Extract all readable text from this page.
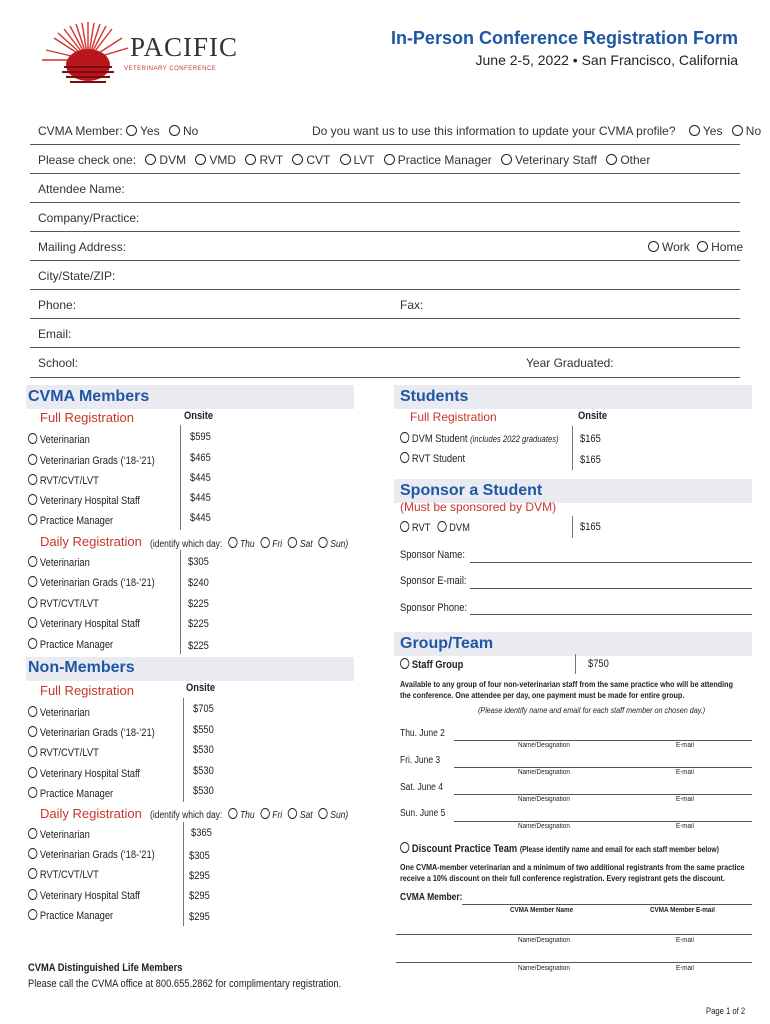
PACIFIC
VETERINARY CONFERENCE
In-Person Conference Registration Form
June 2-5, 2022 • San Francisco, California
CVMA Member: Yes No	Do you want us to use this information to update your CVMA profile? Yes No
Please check one: DVM VMD RVT CVT LVT Practice Manager Veterinary Staff Other
Attendee Name:
Company/Practice:
Mailing Address:	Work Home
City/State/ZIP:
Phone:	Fax:
Email:
School:	Year Graduated:
CVMA Members
Full Registration	Onsite
Veterinarian	$595
Veterinarian Grads (‘18-’21)	$465
RVT/CVT/LVT	$445
Veterinary Hospital Staff	$445
Practice Manager	$445
Daily Registration (identify which day: Thu Fri Sat Sun)
Veterinarian	$305
Veterinarian Grads (‘18-’21)	$240
RVT/CVT/LVT	$225
Veterinary Hospital Staff	$225
Practice Manager	$225
Non-Members
Full Registration	Onsite
Veterinarian	$705
Veterinarian Grads (‘18-’21)	$550
RVT/CVT/LVT	$530
Veterinary Hospital Staff	$530
Practice Manager	$530
Daily Registration (identify which day: Thu Fri Sat Sun)
Veterinarian	$365
Veterinarian Grads (‘18-’21)	$305
RVT/CVT/LVT	$295
Veterinary Hospital Staff	$295
Practice Manager	$295
Students
Full Registration	Onsite
DVM Student (includes 2022 graduates) $165
RVT Student	$165
Sponsor a Student
(Must be sponsored by DVM)
RVT DVM	$165
Sponsor Name:
Sponsor E-mail:
Sponsor Phone:
Group/Team
Staff Group	$750
Available to any group of four non-veterinarian staff from the same practice who will be attending
the conference. One attendee per day, one payment must be made for entire group.
(Please identify name and email for each staff member on chosen day.)
Thu. June 2
Name/Designation	E-mail
Fri. June 3
Name/Designation	E-mail
Sat. June 4
Name/Designation	E-mail
Sun. June 5
Name/Designation	E-mail
Discount Practice Team (Please identify name and email for each staff member below)
One CVMA-member veterinarian and a minimum of two additional registrants from the same practice
receive a 10% discount on their full conference registration. Every registrant gets the discount.
CVMA Member:
CVMA Member Name	CVMA Member E-mail
Name/Designation	E-mail
Name/Designation	E-mail
CVMA Distinguished Life Members
Please call the CVMA office at 800.655.2862 for complimentary registration.
Page 1 of 2
